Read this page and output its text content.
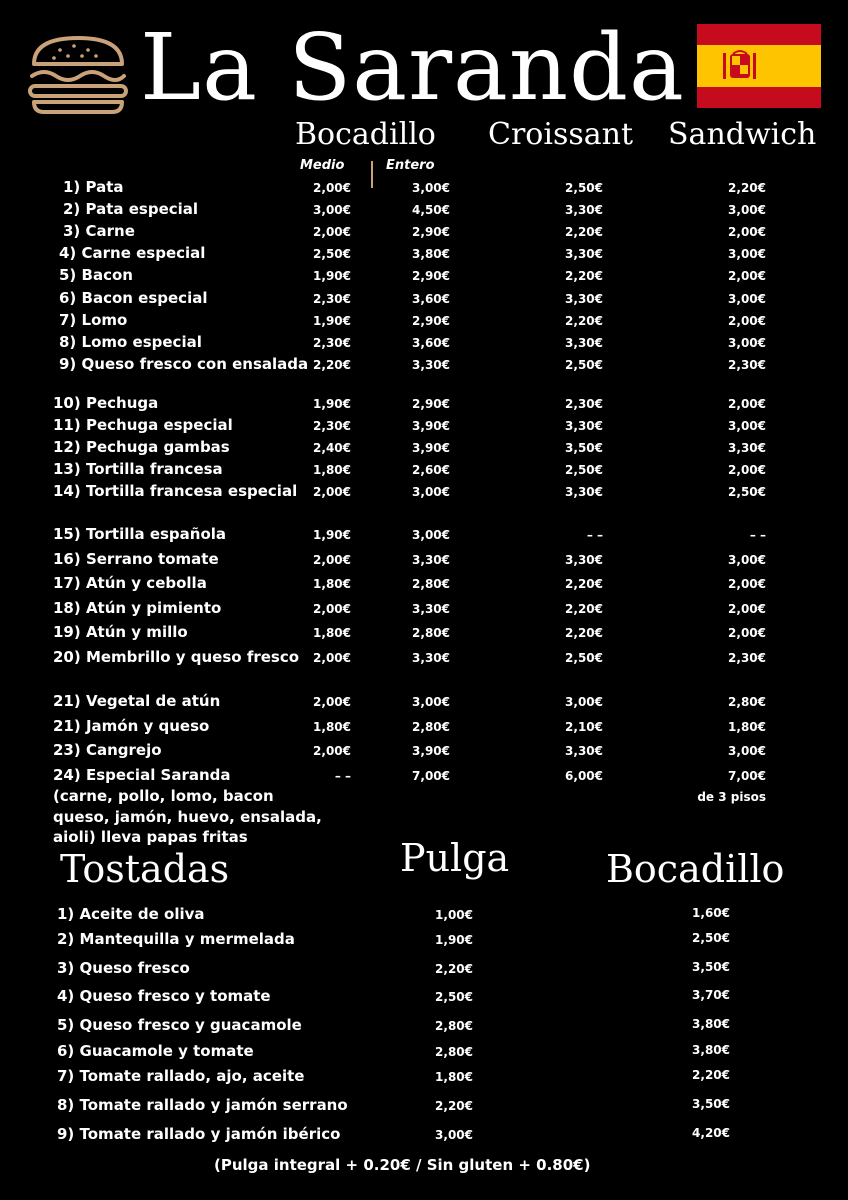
La Saranda
Bocadillo Croissant Sandwich
Medio	Entero
1) Pata	2,00€	3,00€	2,50€	2,20€
2) Pata especial	3,00€	4,50€	3,30€	3,00€
3) Carne	2,00€	2,90€	2,20€	2,00€
4) Carne especial	2,50€	3,80€	3,30€	3,00€
5) Bacon	1,90€	2,90€	2,20€	2,00€
6) Bacon especial	2,30€	3,60€	3,30€	3,00€
7) Lomo	1,90€	2,90€	2,20€	2,00€
8) Lomo especial	2,30€	3,60€	3,30€	3,00€
9) Queso fresco con ensalada 2,20€	3,30€	2,50€	2,30€
10) Pechuga	1,90€	2,90€	2,30€	2,00€
11) Pechuga especial	2,30€	3,90€	3,30€	3,00€
12) Pechuga gambas	2,40€	3,90€	3,50€	3,30€
13) Tortilla francesa	1,80€	2,60€	2,50€	2,00€
14) Tortilla francesa especial	2,00€	3,00€	3,30€	2,50€
15) Tortilla española	1,90€	3,00€	– –	– –
16) Serrano tomate	2,00€	3,30€	3,30€	3,00€
17) Atún y cebolla	1,80€	2,80€	2,20€	2,00€
18) Atún y pimiento	2,00€	3,30€	2,20€	2,00€
19) Atún y millo	1,80€	2,80€	2,20€	2,00€
20) Membrillo y queso fresco	2,00€	3,30€	2,50€	2,30€
21) Vegetal de atún	2,00€	3,00€	3,00€	2,80€
21) Jamón y queso	1,80€	2,80€	2,10€	1,80€
23) Cangrejo	2,00€	3,90€	3,30€	3,00€
24) Especial Saranda	– –	7,00€	6,00€	7,00€
(carne, pollo, lomo, bacon
queso, jamón, huevo, ensalada,
aioli) lleva papas fritas
de 3 pisos
Tostadas	Pulga	Bocadillo
1) Aceite de oliva	1,00€	1,60€
2) Mantequilla y mermelada	1,90€	2,50€
3) Queso fresco	2,20€	3,50€
4) Queso fresco y tomate	2,50€	3,70€
5) Queso fresco y guacamole	2,80€	3,80€
6) Guacamole y tomate	2,80€	3,80€
7) Tomate rallado, ajo, aceite	1,80€	2,20€
8) Tomate rallado y jamón serrano	2,20€	3,50€
9) Tomate rallado y jamón ibérico	3,00€	4,20€
(Pulga integral + 0.20€ / Sin gluten + 0.80€)
